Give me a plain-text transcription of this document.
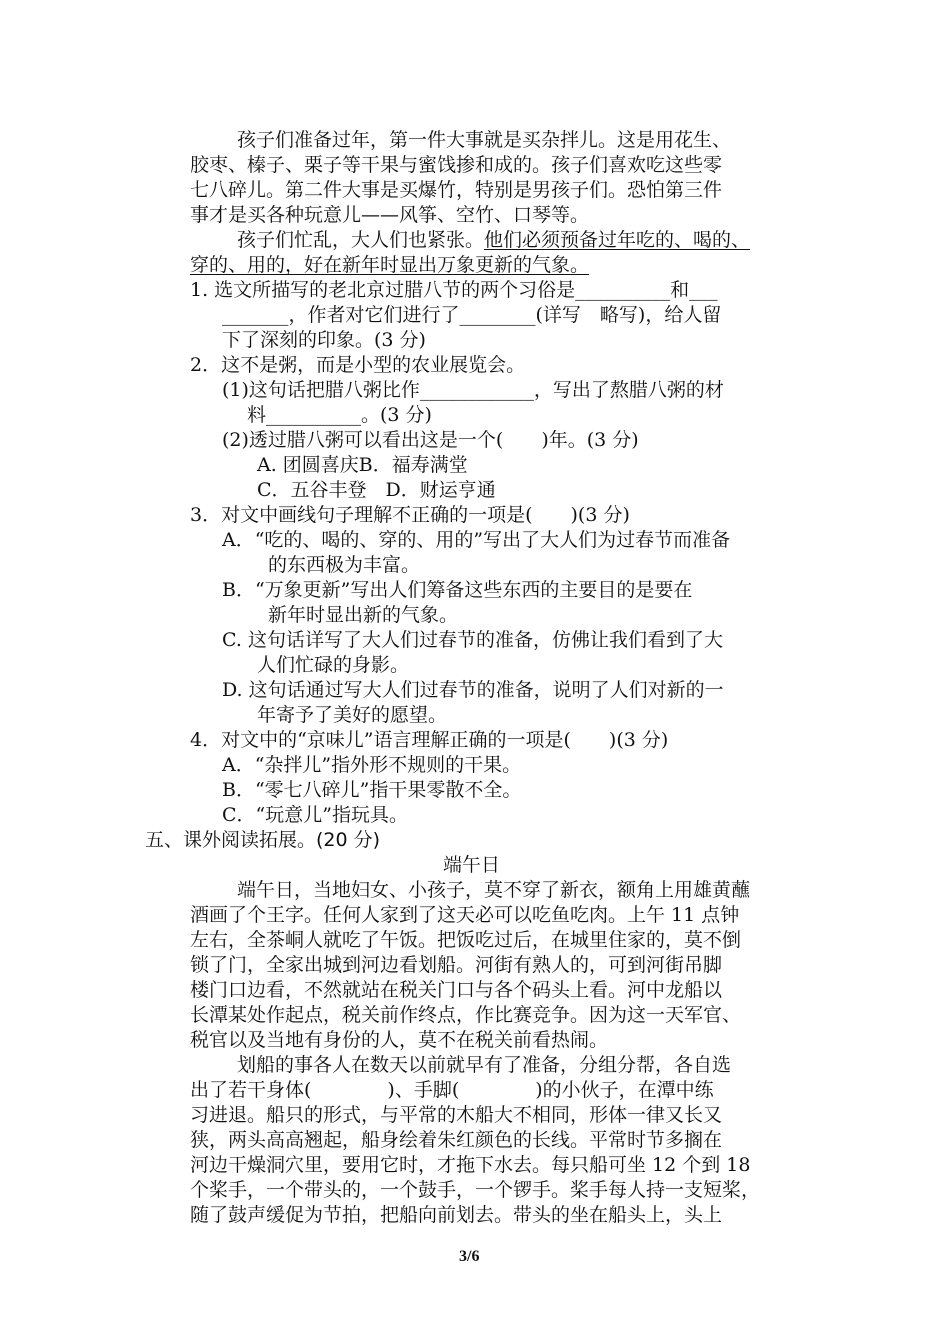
孩子们准备过年，第一件大事就是买杂拌儿。这是用花生、
胶枣、榛子、栗子等干果与蜜饯掺和成的。孩子们喜欢吃这些零
七八碎儿。第二件大事是买爆竹，特别是男孩子们。恐怕第三件
事才是买各种玩意儿——风筝、空竹、口琴等。
孩子们忙乱，大人们也紧张。他们必须预备过年吃的、喝的、
穿的、用的，好在新年时显出万象更新的气象。
1. 选文所描写的老北京过腊八节的两个习俗是__________和___
_______，作者对它们进行了________(详写　略写)，给人留
下了深刻的印象。(3 分)
2．这不是粥，而是小型的农业展览会。
(1)这句话把腊八粥比作____________，写出了熬腊八粥的材
料__________。(3 分)
(2)透过腊八粥可以看出这是一个(　　)年。(3 分)
A. 团圆喜庆B．福寿满堂
C．五谷丰登　D．财运亨通
3．对文中画线句子理解不正确的一项是(　　)(3 分)
A．“吃的、喝的、穿的、用的”写出了大人们为过春节而准备
的东西极为丰富。
B．“万象更新”写出人们筹备这些东西的主要目的是要在
新年时显出新的气象。
C. 这句话详写了大人们过春节的准备，仿佛让我们看到了大
人们忙碌的身影。
D. 这句话通过写大人们过春节的准备，说明了人们对新的一
年寄予了美好的愿望。
4．对文中的“京味儿”语言理解正确的一项是(　　)(3 分)
A．“杂拌儿”指外形不规则的干果。
B．“零七八碎儿”指干果零散不全。
C．“玩意儿”指玩具。
五、课外阅读拓展。(20 分)
端午日
端午日，当地妇女、小孩子，莫不穿了新衣，额角上用雄黄蘸
酒画了个王字。任何人家到了这天必可以吃鱼吃肉。上午 11 点钟
左右，全茶峒人就吃了午饭。把饭吃过后，在城里住家的，莫不倒
锁了门，全家出城到河边看划船。河街有熟人的，可到河街吊脚
楼门口边看，不然就站在税关门口与各个码头上看。河中龙船以
长潭某处作起点，税关前作终点，作比赛竞争。因为这一天军官、
税官以及当地有身份的人，莫不在税关前看热闹。
划船的事各人在数天以前就早有了准备，分组分帮，各自选
出了若干身体(　　　　)、手脚(　　　　)的小伙子，在潭中练
习进退。船只的形式，与平常的木船大不相同，形体一律又长又
狭，两头高高翘起，船身绘着朱红颜色的长线。平常时节多搁在
河边干燥洞穴里，要用它时，才拖下水去。每只船可坐 12 个到 18
个桨手，一个带头的，一个鼓手，一个锣手。桨手每人持一支短桨，
随了鼓声缓促为节拍，把船向前划去。带头的坐在船头上，头上
3/6
